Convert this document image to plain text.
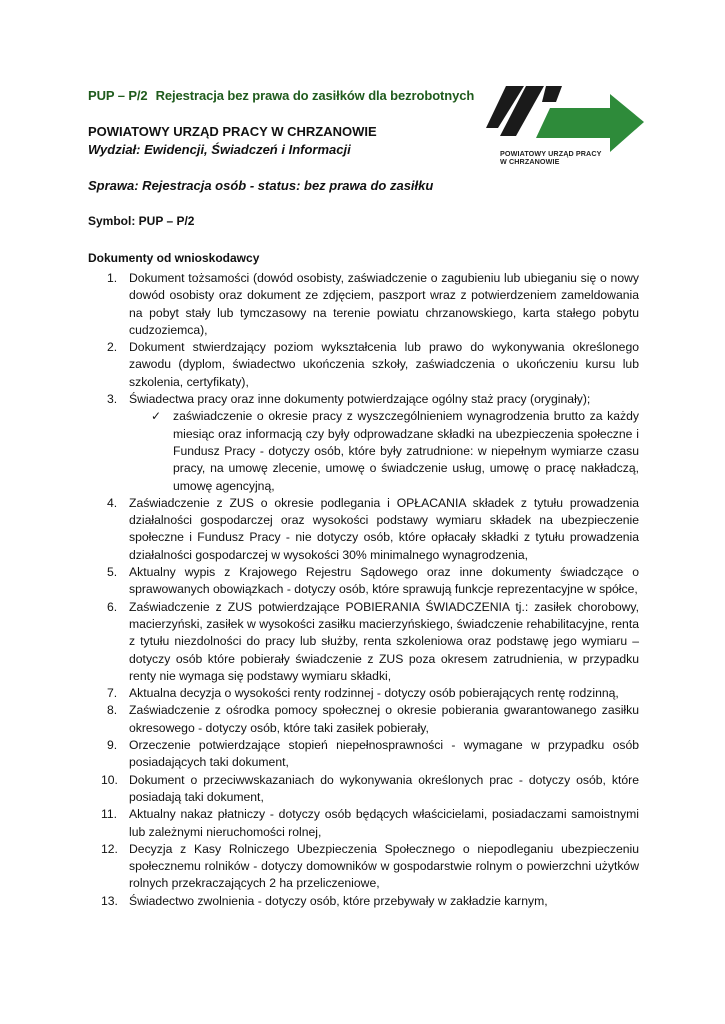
PUP – P/2 Rejestracja bez prawa do zasiłków dla bezrobotnych
POWIATOWY URZĄD PRACY
W CHRZANOWIE
POWIATOWY URZĄD PRACY W CHRZANOWIE
Wydział: Ewidencji, Świadczeń i Informacji
Sprawa: Rejestracja osób - status: bez prawa do zasiłku
Symbol: PUP – P/2
Dokumenty od wnioskodawcy
1. Dokument tożsamości (dowód osobisty, zaświadczenie o zagubieniu lub ubieganiu się o nowy dowód osobisty oraz dokument ze zdjęciem, paszport wraz z potwierdzeniem zameldowania na pobyt stały lub tymczasowy na terenie powiatu chrzanowskiego, karta stałego pobytu cudzoziemca),
2. Dokument stwierdzający poziom wykształcenia lub prawo do wykonywania określonego zawodu (dyplom, świadectwo ukończenia szkoły, zaświadczenia o ukończeniu kursu lub szkolenia, certyfikaty),
3. Świadectwa pracy oraz inne dokumenty potwierdzające ogólny staż pracy (oryginały);
✓ zaświadczenie o okresie pracy z wyszczególnieniem wynagrodzenia brutto za każdy miesiąc oraz informacją czy były odprowadzane składki na ubezpieczenia społeczne i Fundusz Pracy - dotyczy osób, które były zatrudnione: w niepełnym wymiarze czasu pracy, na umowę zlecenie, umowę o świadczenie usług, umowę o pracę nakładczą, umowę agencyjną,
4. Zaświadczenie z ZUS o okresie podlegania i OPŁACANIA składek z tytułu prowadzenia działalności gospodarczej oraz wysokości podstawy wymiaru składek na ubezpieczenie społeczne i Fundusz Pracy - nie dotyczy osób, które opłacały składki z tytułu prowadzenia działalności gospodarczej w wysokości 30% minimalnego wynagrodzenia,
5. Aktualny wypis z Krajowego Rejestru Sądowego oraz inne dokumenty świadczące o sprawowanych obowiązkach - dotyczy osób, które sprawują funkcje reprezentacyjne w spółce,
6. Zaświadczenie z ZUS potwierdzające POBIERANIA ŚWIADCZENIA tj.: zasiłek chorobowy, macierzyński, zasiłek w wysokości zasiłku macierzyńskiego, świadczenie rehabilitacyjne, renta z tytułu niezdolności do pracy lub służby, renta szkoleniowa oraz podstawę jego wymiaru – dotyczy osób które pobierały świadczenie z ZUS poza okresem zatrudnienia, w przypadku renty nie wymaga się podstawy wymiaru składki,
7. Aktualna decyzja o wysokości renty rodzinnej - dotyczy osób pobierających rentę rodzinną,
8. Zaświadczenie z ośrodka pomocy społecznej o okresie pobierania gwarantowanego zasiłku okresowego - dotyczy osób, które taki zasiłek pobierały,
9. Orzeczenie potwierdzające stopień niepełnosprawności - wymagane w przypadku osób posiadających taki dokument,
10. Dokument o przeciwwskazaniach do wykonywania określonych prac - dotyczy osób, które posiadają taki dokument,
11. Aktualny nakaz płatniczy - dotyczy osób będących właścicielami, posiadaczami samoistnymi lub zależnymi nieruchomości rolnej,
12. Decyzja z Kasy Rolniczego Ubezpieczenia Społecznego o niepodleganiu ubezpieczeniu społecznemu rolników - dotyczy domowników w gospodarstwie rolnym o powierzchni użytków rolnych przekraczających 2 ha przeliczeniowe,
13. Świadectwo zwolnienia - dotyczy osób, które przebywały w zakładzie karnym,
